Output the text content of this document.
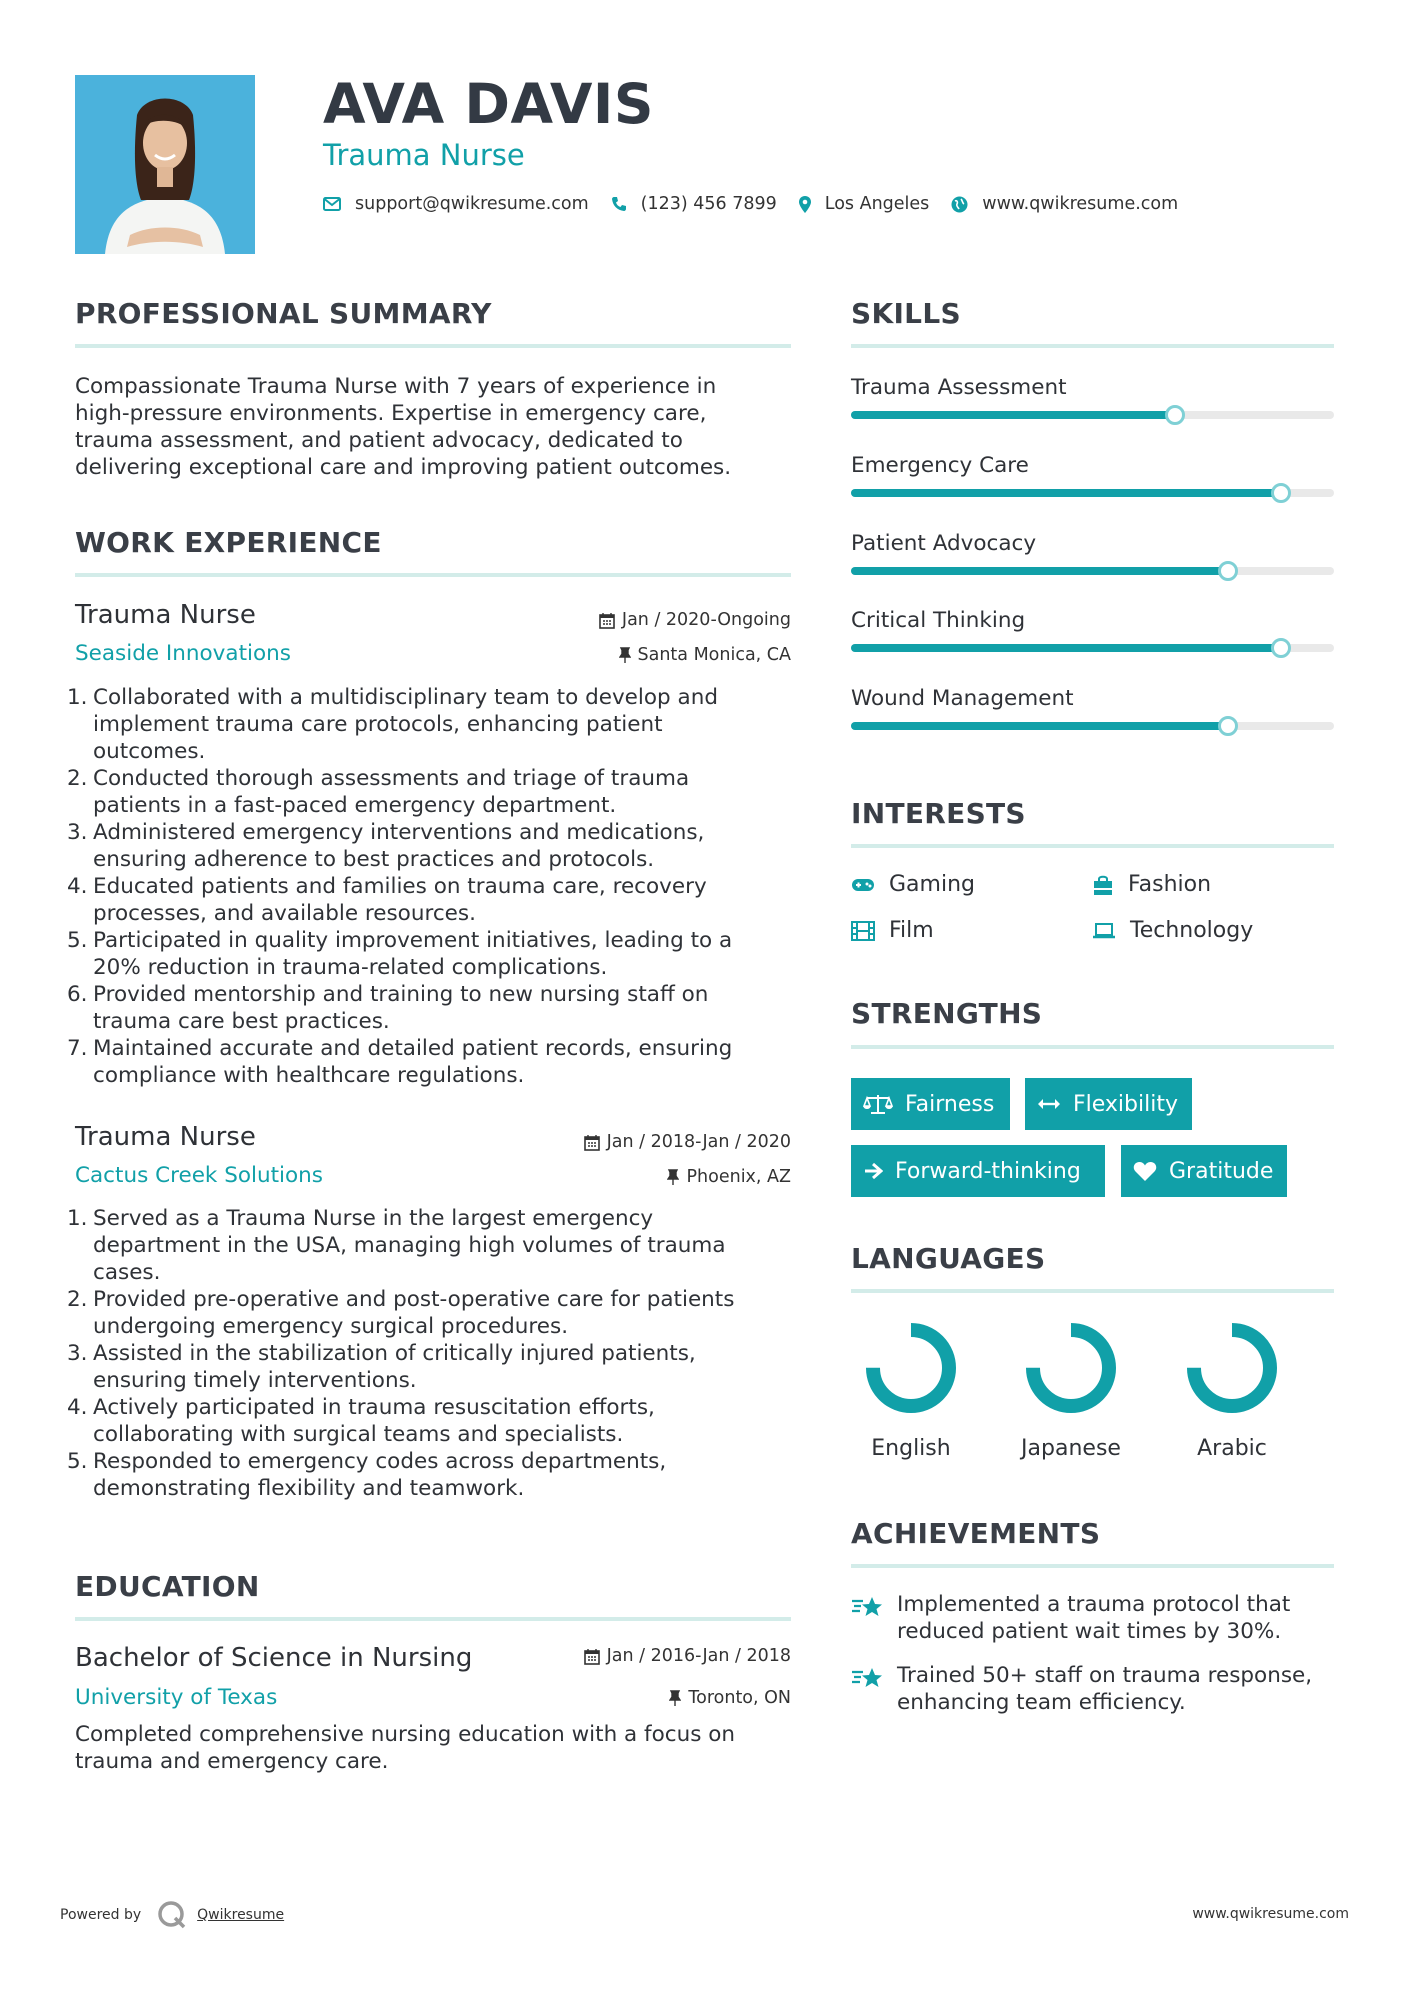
AVA DAVIS
Trauma Nurse
support@qwikresume.com	(123) 456 7899	Los Angeles	www.qwikresume.com
PROFESSIONAL SUMMARY
Compassionate Trauma Nurse with 7 years of experience in
high-pressure environments. Expertise in emergency care,
trauma assessment, and patient advocacy, dedicated to
delivering exceptional care and improving patient outcomes.
WORK EXPERIENCE
Trauma Nurse
Seaside Innovations
Jan / 2020-Ongoing
Santa Monica, CA
1. Collaborated with a multidisciplinary team to develop and
implement trauma care protocols, enhancing patient
outcomes.
2. Conducted thorough assessments and triage of trauma
patients in a fast-paced emergency department.
3. Administered emergency interventions and medications,
ensuring adherence to best practices and protocols.
4. Educated patients and families on trauma care, recovery
processes, and available resources.
5. Participated in quality improvement initiatives, leading to a
20% reduction in trauma-related complications.
6. Provided mentorship and training to new nursing staff on
trauma care best practices.
7. Maintained accurate and detailed patient records, ensuring
compliance with healthcare regulations.
Trauma Nurse
Cactus Creek Solutions
Jan / 2018-Jan / 2020
Phoenix, AZ
1. Served as a Trauma Nurse in the largest emergency
department in the USA, managing high volumes of trauma
cases.
2. Provided pre-operative and post-operative care for patients
undergoing emergency surgical procedures.
3. Assisted in the stabilization of critically injured patients,
ensuring timely interventions.
4. Actively participated in trauma resuscitation efforts,
collaborating with surgical teams and specialists.
5. Responded to emergency codes across departments,
demonstrating flexibility and teamwork.
EDUCATION
Bachelor of Science in Nursing
University of Texas
Jan / 2016-Jan / 2018
Toronto, ON
Completed comprehensive nursing education with a focus on
trauma and emergency care.
SKILLS
Trauma Assessment
Emergency Care
Patient Advocacy
Critical Thinking
Wound Management
INTERESTS
Gaming	Fashion
Film	Technology
STRENGTHS
Fairness	Flexibility
Forward-thinking	Gratitude
LANGUAGES
English	Japanese	Arabic
ACHIEVEMENTS
Implemented a trauma protocol that
reduced patient wait times by 30%.
Trained 50+ staff on trauma response,
enhancing team efficiency.
Powered by	Qwikresume	www.qwikresume.com
